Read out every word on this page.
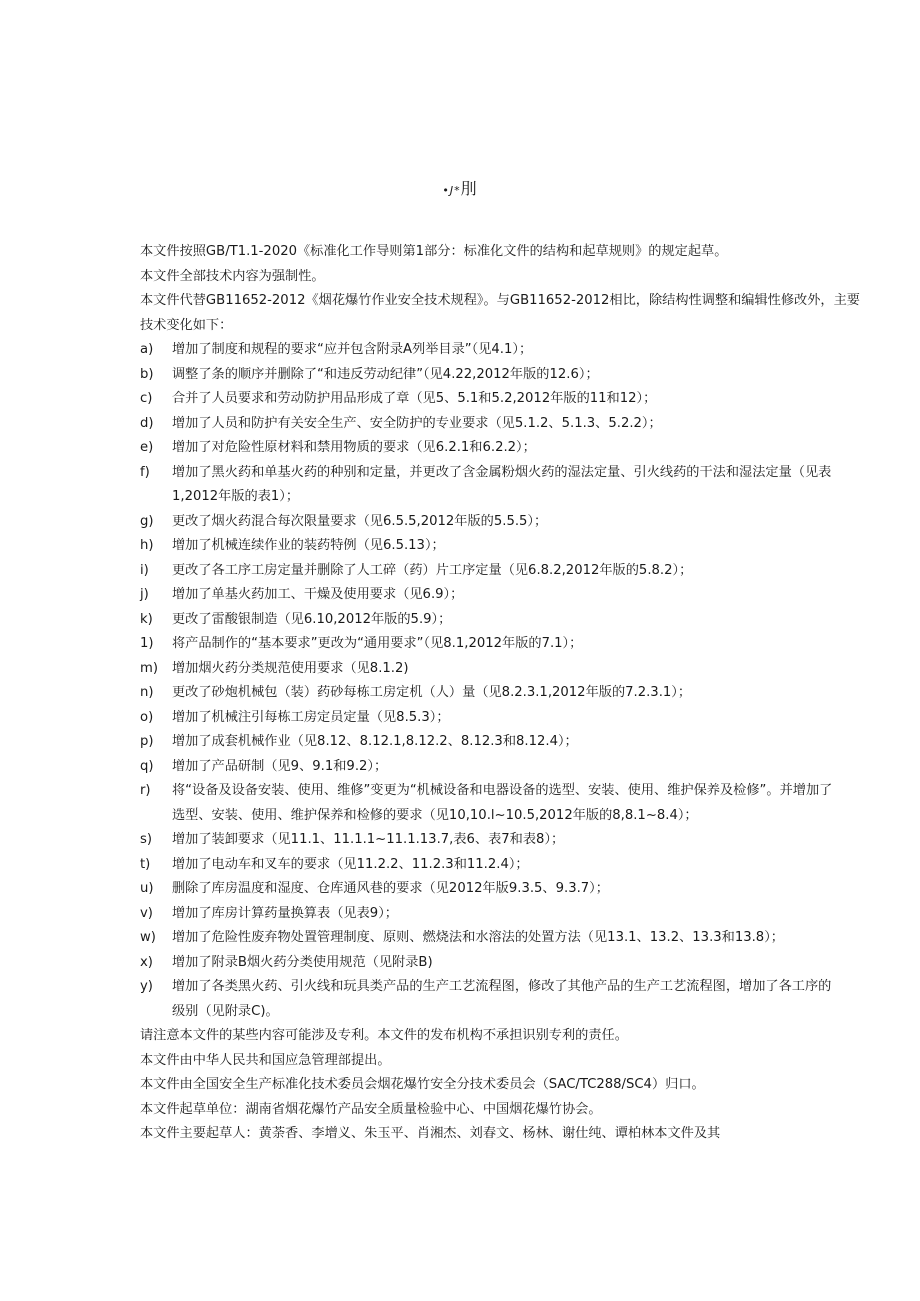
•J*刖

本文件按照GB/T1.1-2020《标准化工作导则第1部分：标准化文件的结构和起草规则》的规定起草。

本文件全部技术内容为强制性。

本文件代替GB11652-2012《烟花爆竹作业安全技术规程》。与GB11652-2012相比，除结构性调整和编辑性修改外，主要技术变化如下：

a) 增加了制度和规程的要求“应并包含附录A列举目录”（见4.1）；
b) 调整了条的顺序并删除了“和违反劳动纪律”（见4.22,2012年版的12.6）；
c) 合并了人员要求和劳动防护用品形成了章（见5、5.1和5.2,2012年版的11和12）；
d) 增加了人员和防护有关安全生产、安全防护的专业要求（见5.1.2、5.1.3、5.2.2）；
e) 增加了对危险性原材料和禁用物质的要求（见6.2.1和6.2.2）；
f) 增加了黑火药和单基火药的种别和定量，并更改了含金属粉烟火药的湿法定量、引火线药的干法和湿法定量（见表1,2012年版的表1）；
g) 更改了烟火药混合每次限量要求（见6.5.5,2012年版的5.5.5）；
h) 增加了机械连续作业的装药特例（见6.5.13）；
i) 更改了各工序工房定量并删除了人工碎（药）片工序定量（见6.8.2,2012年版的5.8.2）；
j) 增加了单基火药加工、干燥及使用要求（见6.9）；
k) 更改了雷酸银制造（见6.10,2012年版的5.9）；
1) 将产品制作的“基本要求”更改为“通用要求”（见8.1,2012年版的7.1）；
m) 增加烟火药分类规范使用要求（见8.1.2)
n) 更改了砂炮机械包（装）药砂每栋工房定机（人）量（见8.2.3.1,2012年版的7.2.3.1）；
o) 增加了机械注引每栋工房定员定量（见8.5.3）；
p) 增加了成套机械作业（见8.12、8.12.1,8.12.2、8.12.3和8.12.4）；
q) 增加了产品研制（见9、9.1和9.2）；
r) 将“设备及设备安装、使用、维修”变更为“机械设备和电器设备的选型、安装、使用、维护保养及检修”。并增加了选型、安装、使用、维护保养和检修的要求（见10,10.l~10.5,2012年版的8,8.1~8.4）；
s) 增加了装卸要求（见11.1、11.1.1~11.1.13.7,表6、表7和表8）；
t) 增加了电动车和叉车的要求（见11.2.2、11.2.3和11.2.4）；
u) 删除了库房温度和湿度、仓库通风巷的要求（见2012年版9.3.5、9.3.7）；
v) 增加了库房计算药量换算表（见表9）；
w) 增加了危险性废弃物处置管理制度、原则、燃烧法和水溶法的处置方法（见13.1、13.2、13.3和13.8）；
x) 增加了附录B烟火药分类使用规范（见附录B)
y) 增加了各类黑火药、引火线和玩具类产品的生产工艺流程图，修改了其他产品的生产工艺流程图，增加了各工序的级别（见附录C)。

请注意本文件的某些内容可能涉及专利。本文件的发布机构不承担识别专利的责任。

本文件由中华人民共和国应急管理部提出。

本文件由全国安全生产标准化技术委员会烟花爆竹安全分技术委员会（SAC/TC288/SC4）归口。

本文件起草单位：湖南省烟花爆竹产品安全质量检验中心、中国烟花爆竹协会。

本文件主要起草人：黄荼香、李增义、朱玉平、肖湘杰、刘春文、杨林、谢仕纯、谭柏林本文件及其
